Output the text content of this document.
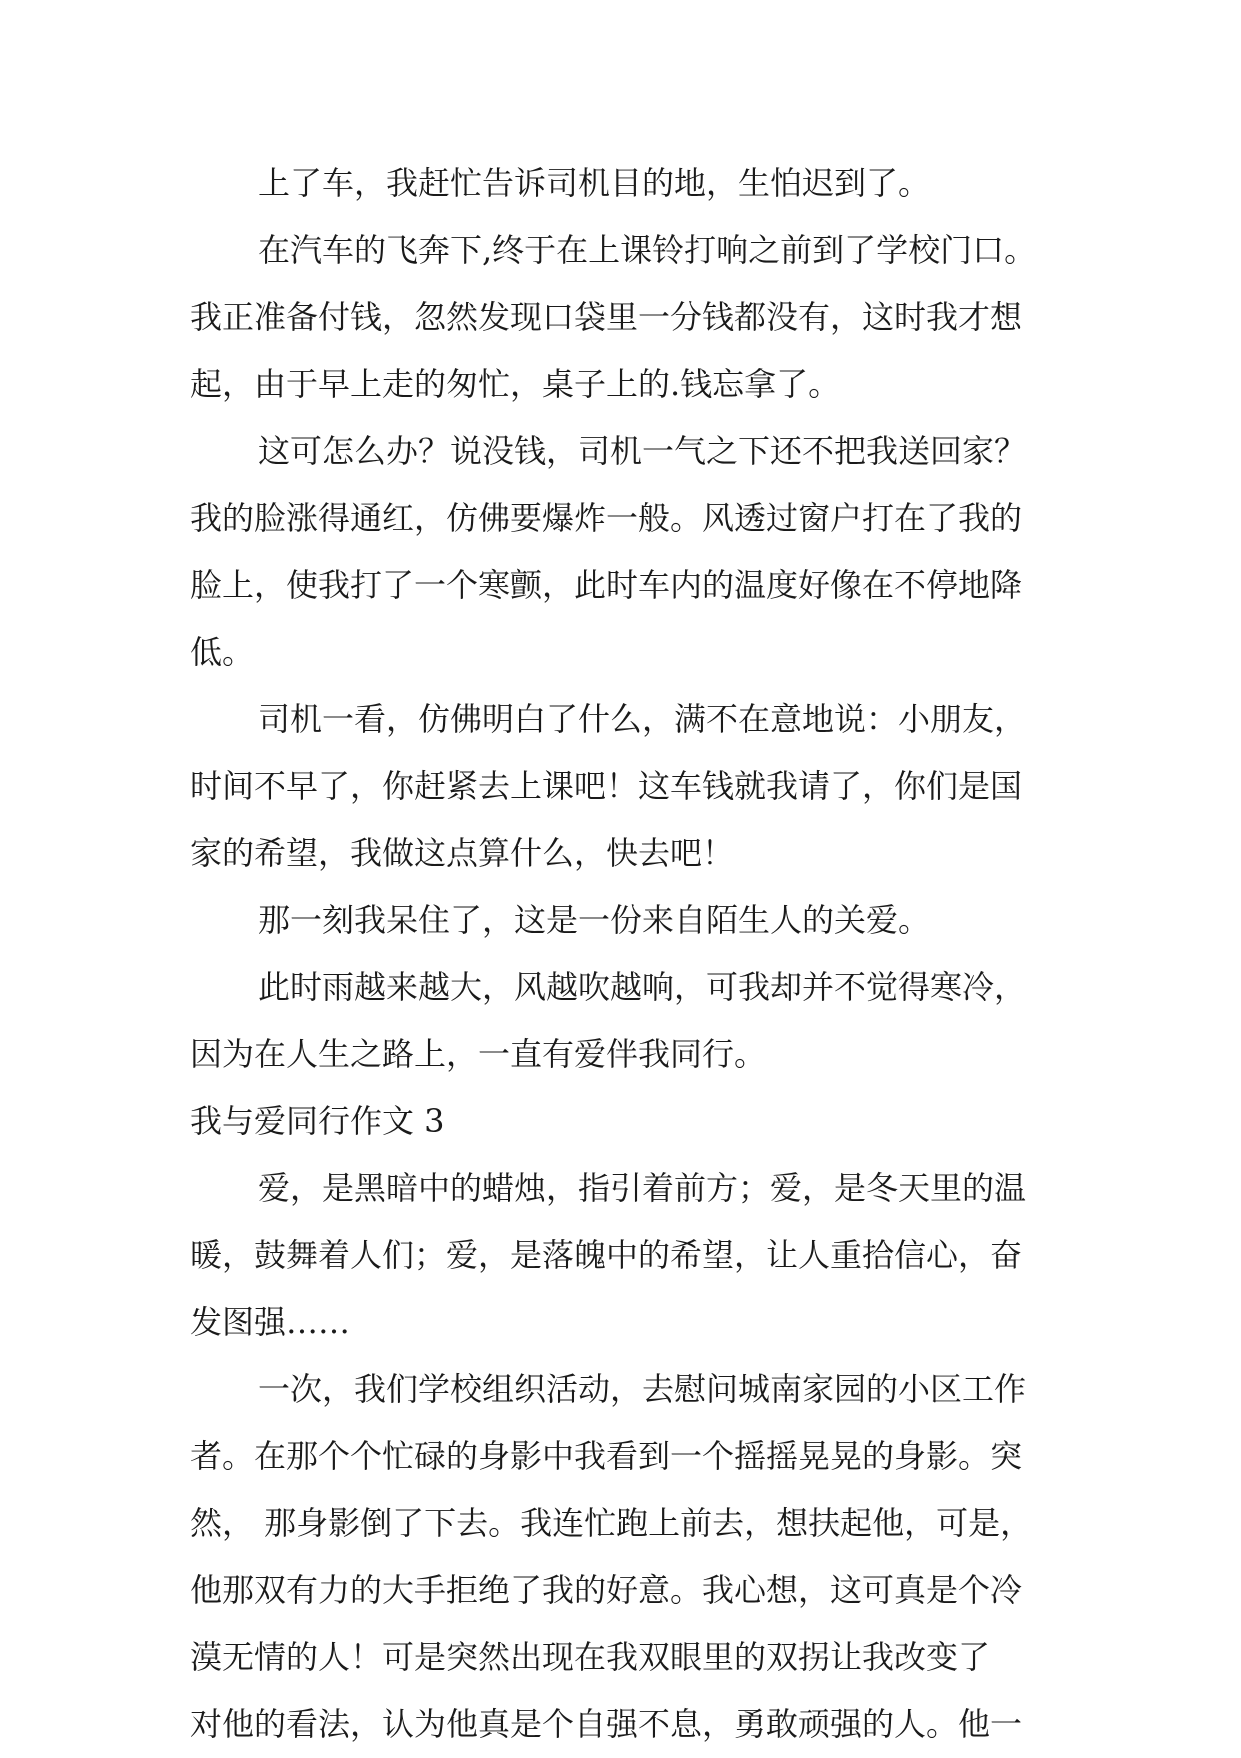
上了车，我赶忙告诉司机目的地，生怕迟到了。
在汽车的飞奔下,终于在上课铃打响之前到了学校门口。
我正准备付钱，忽然发现口袋里一分钱都没有，这时我才想
起，由于早上走的匆忙，桌子上的.钱忘拿了。
这可怎么办？说没钱，司机一气之下还不把我送回家？
我的脸涨得通红，仿佛要爆炸一般。风透过窗户打在了我的
脸上，使我打了一个寒颤，此时车内的温度好像在不停地降
低。
司机一看，仿佛明白了什么，满不在意地说：小朋友，
时间不早了，你赶紧去上课吧！这车钱就我请了，你们是国
家的希望，我做这点算什么，快去吧！
那一刻我呆住了，这是一份来自陌生人的关爱。
此时雨越来越大，风越吹越响，可我却并不觉得寒冷，
因为在人生之路上，一直有爱伴我同行。
我与爱同行作文 3
爱，是黑暗中的蜡烛，指引着前方；爱，是冬天里的温
暖，鼓舞着人们；爱，是落魄中的希望，让人重拾信心，奋
发图强……
一次，我们学校组织活动，去慰问城南家园的小区工作
者。在那个个忙碌的身影中我看到一个摇摇晃晃的身影。突
然， 那身影倒了下去。我连忙跑上前去，想扶起他，可是，
他那双有力的大手拒绝了我的好意。我心想，这可真是个冷
漠无情的人！可是突然出现在我双眼里的双拐让我改变了
对他的看法，认为他真是个自强不息，勇敢顽强的人。他一
